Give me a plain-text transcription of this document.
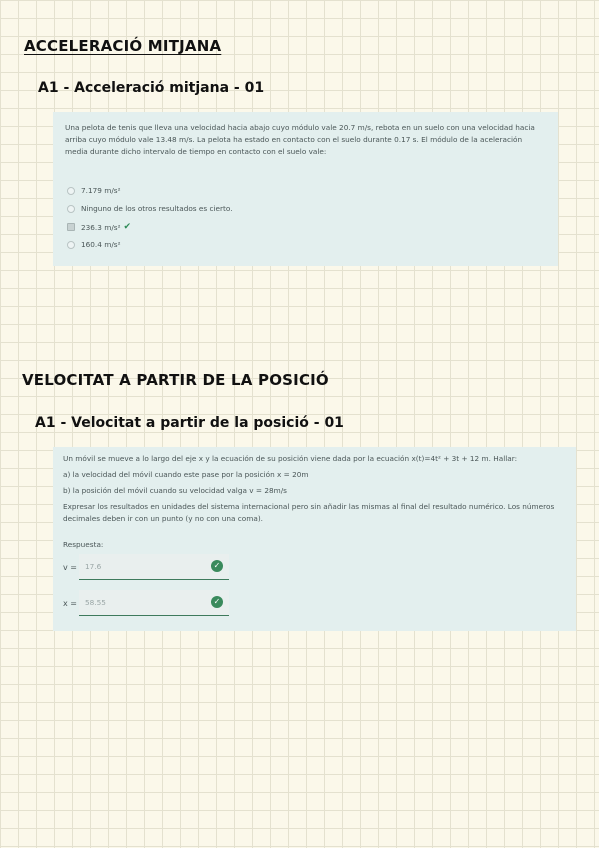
ACCELERACIÓ MITJANA
A1 - Acceleració mitjana - 01

Una pelota de tenis que lleva una velocidad hacia abajo cuyo módulo vale 20.7 m/s, rebota en un suelo con una velocidad hacia arriba cuyo módulo vale 13.48 m/s. La pelota ha estado en contacto con el suelo durante 0.17 s. El módulo de la aceleración media durante dicho intervalo de tiempo en contacto con el suelo vale:

7.179 m/s²
Ninguno de los otros resultados es cierto.
236.3 m/s² ✔
160.4 m/s²
VELOCITAT A PARTIR DE LA POSICIÓ
A1 - Velocitat a partir de la posició - 01

Un móvil se mueve a lo largo del eje x y la ecuación de su posición viene dada por la ecuación x(t)=4t² + 3t + 12 m. Hallar:

a) la velocidad del móvil cuando este pase por la posición x = 20m

b) la posición del móvil cuando su velocidad valga v = 28m/s

Expresar los resultados en unidades del sistema internacional pero sin añadir las mismas al final del resultado numérico. Los números decimales deben ir con un punto (y no con una coma).

Respuesta:

v = 17.6	✓
x = 58.55	✓
